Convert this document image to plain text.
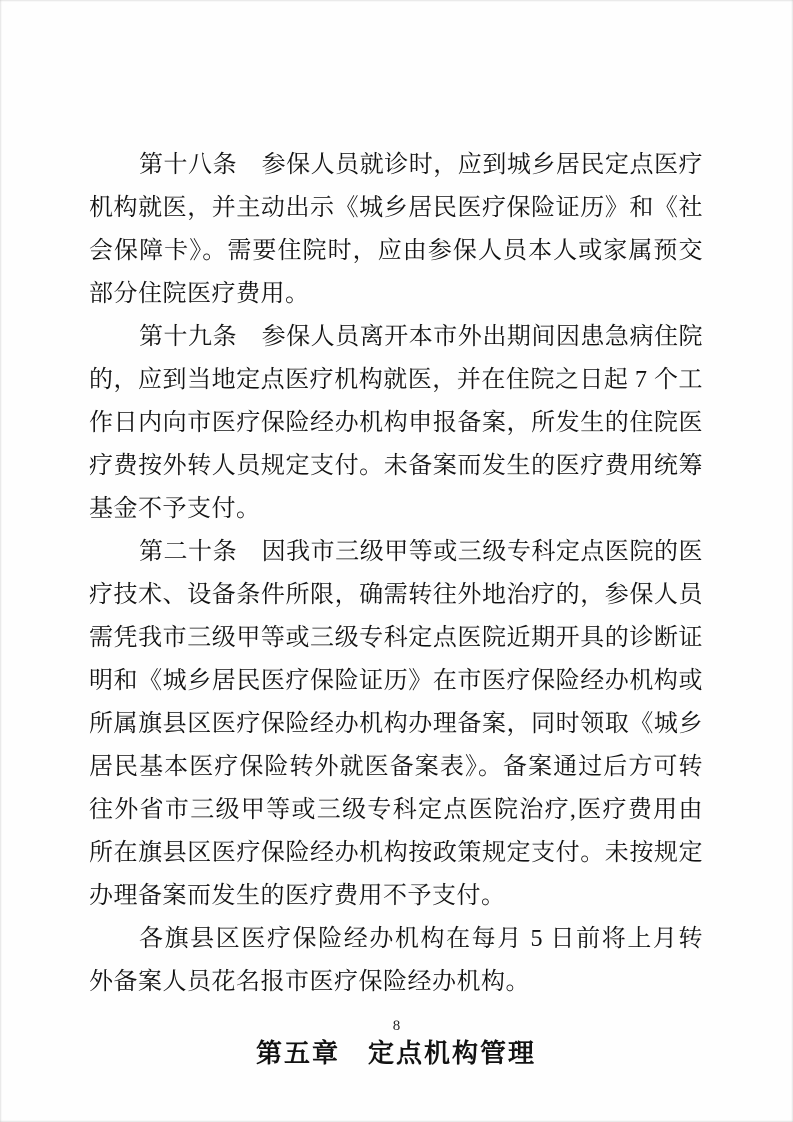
第十八条　参保人员就诊时，应到城乡居民定点医疗机构就医，并主动出示《城乡居民医疗保险证历》和《社会保障卡》。需要住院时，应由参保人员本人或家属预交部分住院医疗费用。

第十九条　参保人员离开本市外出期间因患急病住院的，应到当地定点医疗机构就医，并在住院之日起 7 个工作日内向市医疗保险经办机构申报备案，所发生的住院医疗费按外转人员规定支付。未备案而发生的医疗费用统筹基金不予支付。

第二十条　因我市三级甲等或三级专科定点医院的医疗技术、设备条件所限，确需转往外地治疗的，参保人员需凭我市三级甲等或三级专科定点医院近期开具的诊断证明和《城乡居民医疗保险证历》在市医疗保险经办机构或所属旗县区医疗保险经办机构办理备案，同时领取《城乡居民基本医疗保险转外就医备案表》。备案通过后方可转往外省市三级甲等或三级专科定点医院治疗,医疗费用由所在旗县区医疗保险经办机构按政策规定支付。未按规定办理备案而发生的医疗费用不予支付。

各旗县区医疗保险经办机构在每月 5 日前将上月转外备案人员花名报市医疗保险经办机构。

第五章　定点机构管理
8
